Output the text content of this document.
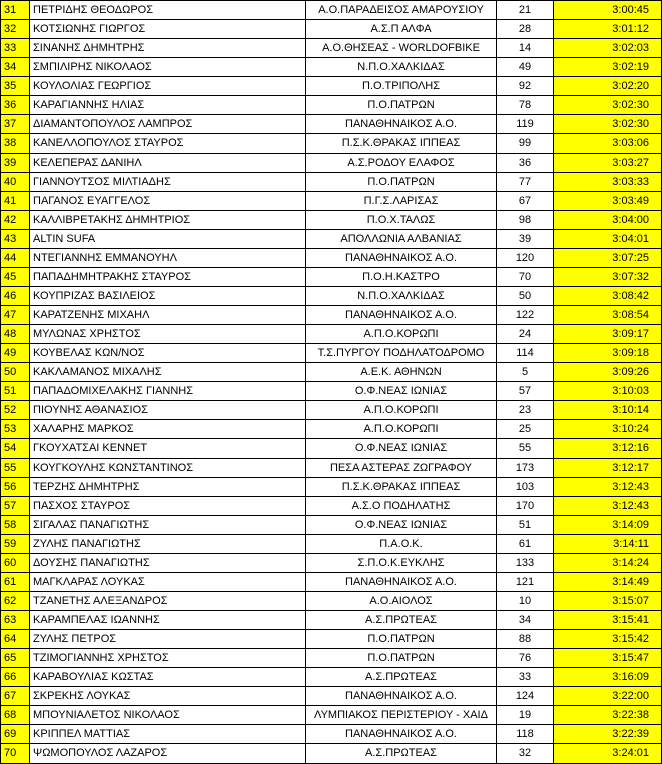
31	ΠΕΤΡΙΔΗΣ ΘΕΟΔΩΡΟΣ	Α.Ο.ΠΑΡΑΔΕΙΣΟΣ ΑΜΑΡΟΥΣΙΟΥ	21	3:00:45
32	ΚΟΤΣΙΩΝΗΣ ΓΙΩΡΓΟΣ	Α.Σ.Π ΑΛΦΑ	28	3:01:12
33	ΣΙΝΑΝΗΣ ΔΗΜΗΤΡΗΣ	Α.Ο.ΘΗΣΕΑΣ - WORLDOFBIKE	14	3:02:03
34	ΣΜΠΙΛΙΡΗΣ ΝΙΚΟΛΑΟΣ	Ν.Π.Ο.ΧΑΛΚΙΔΑΣ	49	3:02:19
35	ΚΟΥΛΟΛΙΑΣ ΓΕΩΡΓΙΟΣ	Π.Ο.ΤΡΙΠΟΛΗΣ	92	3:02:20
36	ΚΑΡΑΓΙΑΝΝΗΣ ΗΛΙΑΣ	Π.Ο.ΠΑΤΡΩΝ	78	3:02:30
37	ΔΙΑΜΑΝΤΟΠΟΥΛΟΣ ΛΑΜΠΡΟΣ	ΠΑΝΑΘΗΝΑΙΚΟΣ Α.Ο.	119	3:02:30
38	ΚΑΝΕΛΛΟΠΟΥΛΟΣ ΣΤΑΥΡΟΣ	Π.Σ.Κ.ΘΡΑΚΑΣ ΙΠΠΕΑΣ	99	3:03:06
39	ΚΕΛΕΠΕΡΑΣ ΔΑΝΙΗΛ	Α.Σ.ΡΟΔΟΥ ΕΛΑΦΟΣ	36	3:03:27
40	ΓΙΑΝΝΟΥΤΣΟΣ ΜΙΛΤΙΑΔΗΣ	Π.Ο.ΠΑΤΡΩΝ	77	3:03:33
41	ΠΑΓΑΝΟΣ ΕΥΑΓΓΕΛΟΣ	Π.Γ.Σ.ΛΑΡΙΣΑΣ	67	3:03:49
42	ΚΑΛΛΙΒΡΕΤΑΚΗΣ ΔΗΜΗΤΡΙΟΣ	Π.Ο.Χ.ΤΑΛΩΣ	98	3:04:00
43	ALTIN SUFA	ΑΠΟΛΛΩΝΙΑ ΑΛΒΑΝΙΑΣ	39	3:04:01
44	ΝΤΕΓΙΑΝΝΗΣ ΕΜΜΑΝΟΥΗΛ	ΠΑΝΑΘΗΝΑΙΚΟΣ Α.Ο.	120	3:07:25
45	ΠΑΠΑΔΗΜΗΤΡΑΚΗΣ ΣΤΑΥΡΟΣ	Π.Ο.Η.ΚΑΣΤΡΟ	70	3:07:32
46	ΚΟΥΠΡΙΖΑΣ ΒΑΣΙΛΕΙΟΣ	Ν.Π.Ο.ΧΑΛΚΙΔΑΣ	50	3:08:42
47	ΚΑΡΑΤΖΕΝΗΣ ΜΙΧΑΗΛ	ΠΑΝΑΘΗΝΑΙΚΟΣ Α.Ο.	122	3:08:54
48	ΜΥΛΩΝΑΣ ΧΡΗΣΤΟΣ	Α.Π.Ο.ΚΟΡΩΠΙ	24	3:09:17
49	ΚΟΥΒΕΛΑΣ ΚΩΝ/ΝΟΣ	Τ.Σ.ΠΥΡΓΟΥ ΠΟΔΗΛΑΤΟΔΡΟΜΟ	114	3:09:18
50	ΚΑΚΛΑΜΑΝΟΣ ΜΙΧΑΛΗΣ	Α.Ε.Κ. ΑΘΗΝΩΝ	5	3:09:26
51	ΠΑΠΑΔΟΜΙΧΕΛΑΚΗΣ ΓΙΑΝΝΗΣ	Ο.Φ.ΝΕΑΣ ΙΩΝΙΑΣ	57	3:10:03
52	ΠΙΟΥΝΗΣ ΑΘΑΝΑΣΙΟΣ	Α.Π.Ο.ΚΟΡΩΠΙ	23	3:10:14
53	ΧΑΛΑΡΗΣ ΜΑΡΚΟΣ	Α.Π.Ο.ΚΟΡΩΠΙ	25	3:10:24
54	ΓΚΟΥΧΑΤΣΑΙ ΚΕΝΝΕΤ	Ο.Φ.ΝΕΑΣ ΙΩΝΙΑΣ	55	3:12:16
55	ΚΟΥΓΚΟΥΛΗΣ ΚΩΝΣΤΑΝΤΙΝΟΣ	ΠΕΣΑ ΑΣΤΕΡΑΣ ΖΩΓΡΑΦΟΥ	173	3:12:17
56	ΤΕΡΖΗΣ ΔΗΜΗΤΡΗΣ	Π.Σ.Κ.ΘΡΑΚΑΣ ΙΠΠΕΑΣ	103	3:12:43
57	ΠΑΣΧΟΣ ΣΤΑΥΡΟΣ	Α.Σ.Ο ΠΟΔΗΛΑΤΗΣ	170	3:12:43
58	ΣΙΓΑΛΑΣ ΠΑΝΑΓΙΩΤΗΣ	Ο.Φ.ΝΕΑΣ ΙΩΝΙΑΣ	51	3:14:09
59	ΖΥΛΗΣ ΠΑΝΑΓΙΩΤΗΣ	Π.Α.Ο.Κ.	61	3:14:11
60	ΔΟΥΣΗΣ ΠΑΝΑΓΙΩΤΗΣ	Σ.Π.Ο.Κ.ΕΥΚΛΗΣ	133	3:14:24
61	ΜΑΓΚΛΑΡΑΣ ΛΟΥΚΑΣ	ΠΑΝΑΘΗΝΑΙΚΟΣ Α.Ο.	121	3:14:49
62	ΤΖΑΝΕΤΗΣ ΑΛΕΞΑΝΔΡΟΣ	Α.Ο.ΑΙΟΛΟΣ	10	3:15:07
63	ΚΑΡΑΜΠΕΛΑΣ ΙΩΑΝΝΗΣ	Α.Σ.ΠΡΩΤΕΑΣ	34	3:15:41
64	ΖΥΛΗΣ ΠΕΤΡΟΣ	Π.Ο.ΠΑΤΡΩΝ	88	3:15:42
65	ΤΖΙΜΟΓΙΑΝΝΗΣ ΧΡΗΣΤΟΣ	Π.Ο.ΠΑΤΡΩΝ	76	3:15:47
66	ΚΑΡΑΒΟΥΛΙΑΣ ΚΩΣΤΑΣ	Α.Σ.ΠΡΩΤΕΑΣ	33	3:16:09
67	ΣΚΡΕΚΗΣ ΛΟΥΚΑΣ	ΠΑΝΑΘΗΝΑΙΚΟΣ Α.Ο.	124	3:22:00
68	ΜΠΟΥΝΙΑΛΕΤΟΣ ΝΙΚΟΛΑΟΣ	ΛΥΜΠΙΑΚΟΣ ΠΕΡΙΣΤΕΡΙΟΥ - ΧΑΙΔ	19	3:22:38
69	ΚΡΙΠΠΕΛ ΜΑΤΤΙΑΣ	ΠΑΝΑΘΗΝΑΙΚΟΣ Α.Ο.	118	3:22:39
70	ΨΩΜΟΠΟΥΛΟΣ ΛΑΖΑΡΟΣ	Α.Σ.ΠΡΩΤΕΑΣ	32	3:24:01
